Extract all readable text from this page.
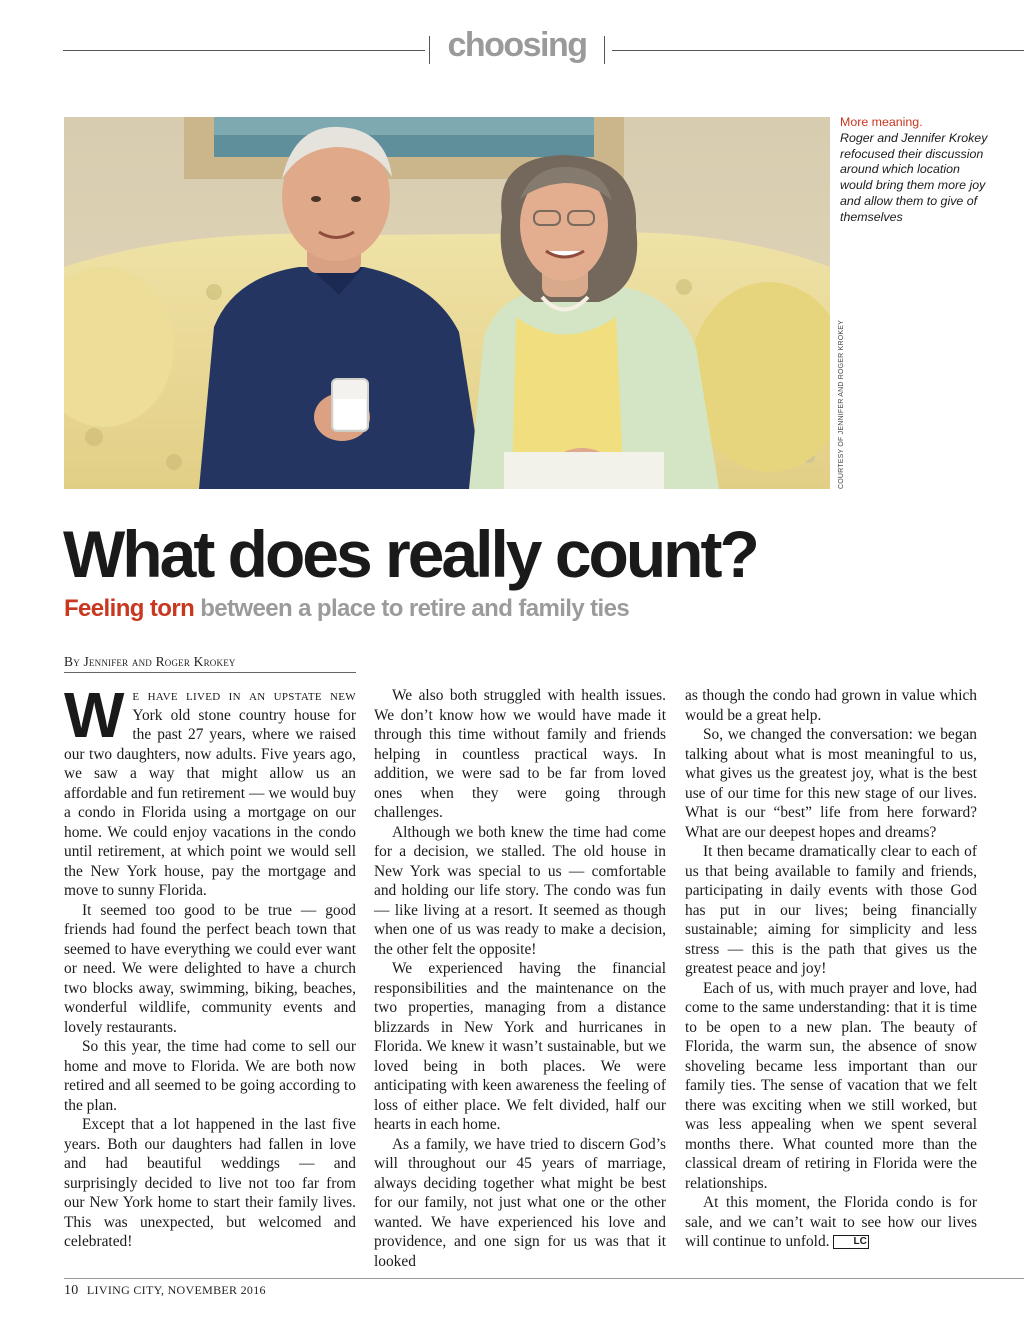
choosing
COURTESY OF JENNIFER AND ROGER KROKEY
More meaning.
Roger and Jennifer Krokey refocused their discussion around which location would bring them more joy and allow them to give of themselves
What does really count?
Feeling torn between a place to retire and family ties
By Jennifer and Roger Krokey

We have lived in an upstate new York old stone country house for the past 27 years, where we raised our two daughters, now adults. Five years ago, we saw a way that might allow us an affordable and fun retirement — we would buy a condo in Florida using a mortgage on our home. We could enjoy vacations in the condo until retirement, at which point we would sell the New York house, pay the mortgage and move to sunny Florida.

It seemed too good to be true — good friends had found the perfect beach town that seemed to have everything we could ever want or need. We were delighted to have a church two blocks away, swimming, biking, beaches, wonderful wildlife, community events and lovely restaurants.

So this year, the time had come to sell our home and move to Florida. We are both now retired and all seemed to be going according to the plan.

Except that a lot happened in the last five years. Both our daughters had fallen in love and had beautiful weddings — and surprisingly decided to live not too far from our New York home to start their family lives. This was unexpected, but welcomed and celebrated!

We also both struggled with health issues. We don’t know how we would have made it through this time without family and friends helping in countless practical ways. In addition, we were sad to be far from loved ones when they were going through challenges.

Although we both knew the time had come for a decision, we stalled. The old house in New York was special to us — comfortable and holding our life story. The condo was fun — like living at a resort. It seemed as though when one of us was ready to make a decision, the other felt the opposite!

We experienced having the financial responsibilities and the maintenance on the two properties, managing from a distance blizzards in New York and hurricanes in Florida. We knew it wasn’t sustainable, but we loved being in both places. We were anticipating with keen awareness the feeling of loss of either place. We felt divided, half our hearts in each home.

As a family, we have tried to discern God’s will throughout our 45 years of marriage, always deciding together what might be best for our family, not just what one or the other wanted. We have experienced his love and providence, and one sign for us was that it looked

as though the condo had grown in value which would be a great help.

So, we changed the conversation: we began talking about what is most meaningful to us, what gives us the greatest joy, what is the best use of our time for this new stage of our lives. What is our “best” life from here forward? What are our deepest hopes and dreams?

It then became dramatically clear to each of us that being available to family and friends, participating in daily events with those God has put in our lives; being financially sustainable; aiming for simplicity and less stress — this is the path that gives us the greatest peace and joy!

Each of us, with much prayer and love, had come to the same understanding: that it is time to be open to a new plan. The beauty of Florida, the warm sun, the absence of snow shoveling became less important than our family ties. The sense of vacation that we felt there was exciting when we still worked, but was less appealing when we spent several months there. What counted more than the classical dream of retiring in Florida were the relationships.

At this moment, the Florida condo is for sale, and we can’t wait to see how our lives will continue to unfold. LC

10 LIVING CITY, NOVEMBER 2016
